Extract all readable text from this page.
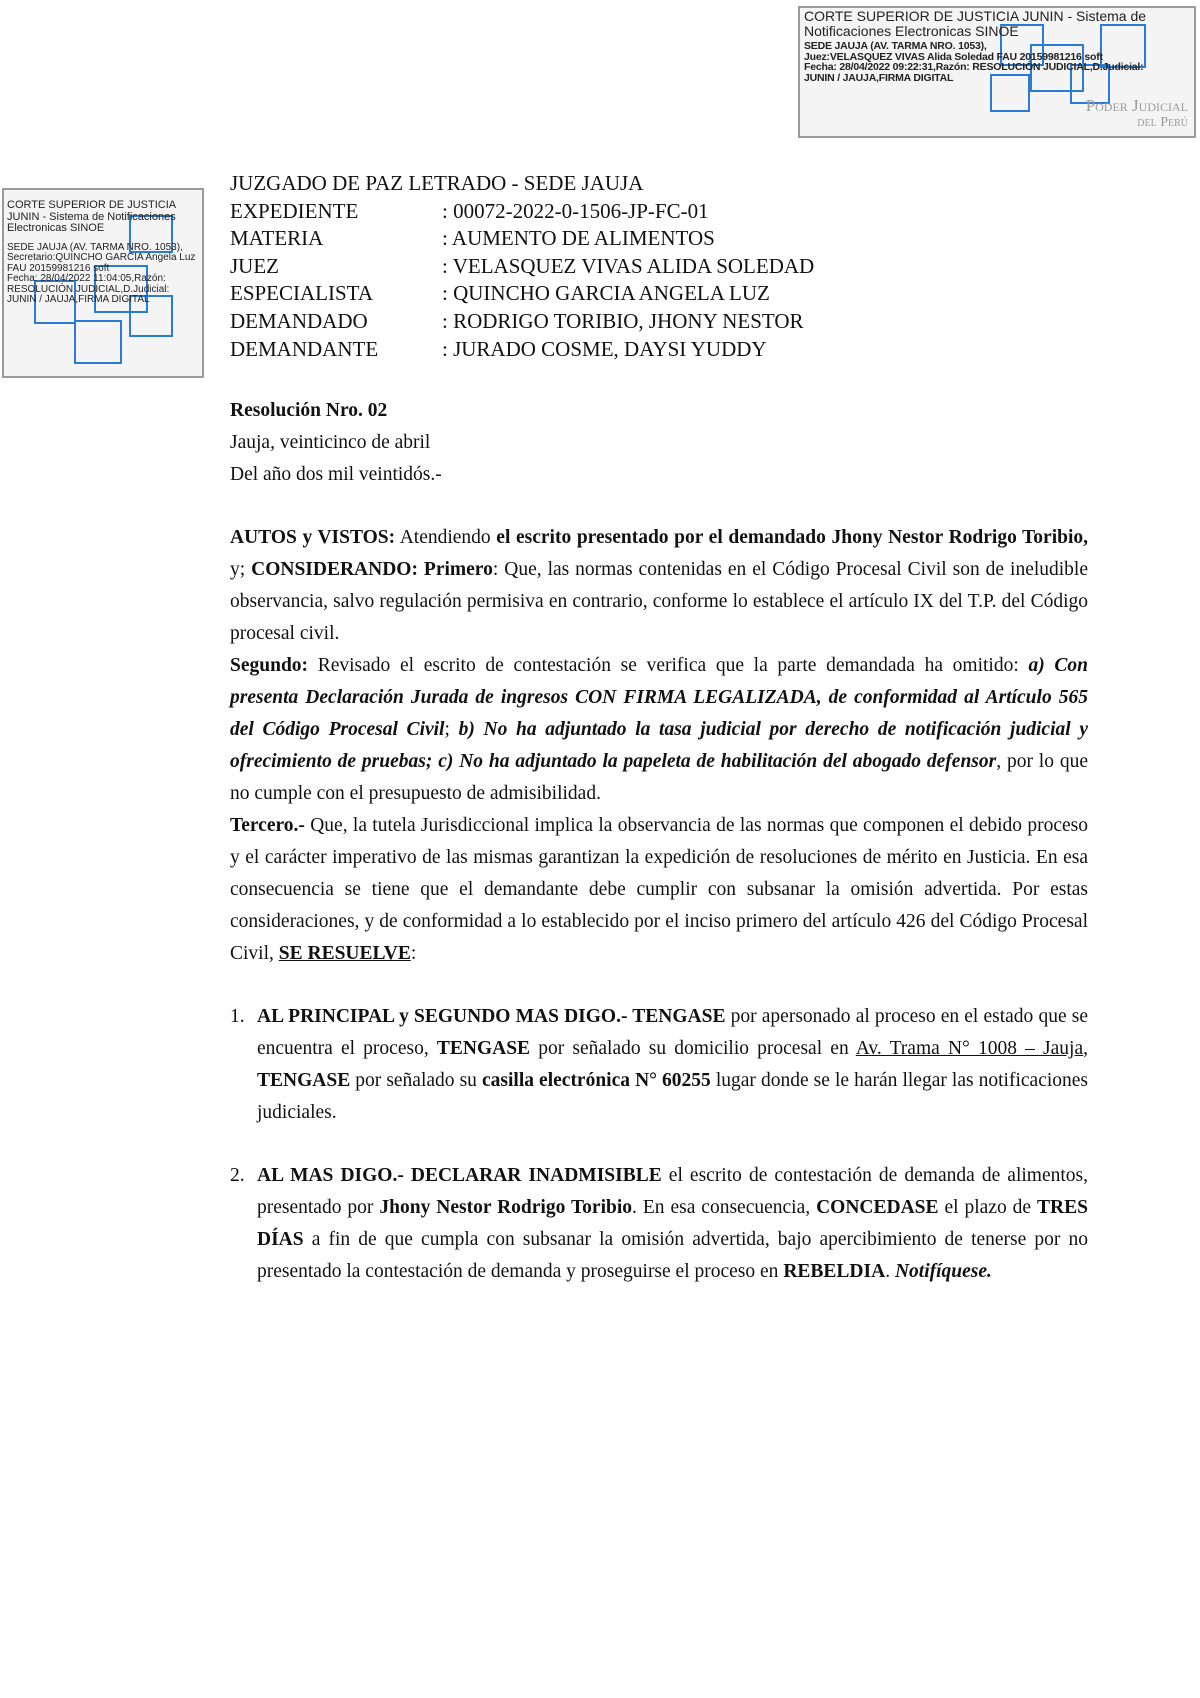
CORTE SUPERIOR DE JUSTICIA JUNIN - Sistema de Notificaciones Electronicas SINOE
SEDE JAUJA (AV. TARMA NRO. 1053),
Juez:VELASQUEZ VIVAS Alida Soledad FAU 20159981216 soft
Fecha: 28/04/2022 09:22:31,Razón: RESOLUCIÓN JUDICIAL,D.Judicial:
JUNIN / JAUJA,FIRMA DIGITAL
Poder Judicial
del Perú
CORTE SUPERIOR DE JUSTICIA JUNIN - Sistema de Notificaciones Electronicas SINOE
SEDE JAUJA (AV. TARMA NRO. 1053),
Secretario:QUINCHO GARCIA Angela Luz FAU 20159981216 soft
Fecha: 28/04/2022 11:04:05,Razón: RESOLUCIÓN JUDICIAL,D.Judicial: JUNIN / JAUJA,FIRMA DIGITAL
JUZGADO DE PAZ LETRADO - SEDE JAUJA
EXPEDIENTE	: 00072-2022-0-1506-JP-FC-01
MATERIA	: AUMENTO DE ALIMENTOS
JUEZ	: VELASQUEZ VIVAS ALIDA SOLEDAD
ESPECIALISTA	: QUINCHO GARCIA ANGELA LUZ
DEMANDADO	: RODRIGO TORIBIO, JHONY NESTOR
DEMANDANTE	: JURADO COSME, DAYSI YUDDY

Resolución Nro. 02

Jauja, veinticinco de abril

Del año dos mil veintidós.-

AUTOS y VISTOS: Atendiendo el escrito presentado por el demandado Jhony Nestor Rodrigo Toribio, y; CONSIDERANDO: Primero: Que, las normas contenidas en el Código Procesal Civil son de ineludible observancia, salvo regulación permisiva en contrario, conforme lo establece el artículo IX del T.P. del Código procesal civil.

Segundo: Revisado el escrito de contestación se verifica que la parte demandada ha omitido: a) Con presenta Declaración Jurada de ingresos CON FIRMA LEGALIZADA, de conformidad al Artículo 565 del Código Procesal Civil; b) No ha adjuntado la tasa judicial por derecho de notificación judicial y ofrecimiento de pruebas; c) No ha adjuntado la papeleta de habilitación del abogado defensor, por lo que no cumple con el presupuesto de admisibilidad.

Tercero.- Que, la tutela Jurisdiccional implica la observancia de las normas que componen el debido proceso y el carácter imperativo de las mismas garantizan la expedición de resoluciones de mérito en Justicia. En esa consecuencia se tiene que el demandante debe cumplir con subsanar la omisión advertida. Por estas consideraciones, y de conformidad a lo establecido por el inciso primero del artículo 426 del Código Procesal Civil, SE RESUELVE:

1. AL PRINCIPAL y SEGUNDO MAS DIGO.- TENGASE por apersonado al proceso en el estado que se encuentra el proceso, TENGASE por señalado su domicilio procesal en Av. Trama N° 1008 – Jauja, TENGASE por señalado su casilla electrónica N° 60255 lugar donde se le harán llegar las notificaciones judiciales.
2. AL MAS DIGO.- DECLARAR INADMISIBLE el escrito de contestación de demanda de alimentos, presentado por Jhony Nestor Rodrigo Toribio. En esa consecuencia, CONCEDASE el plazo de TRES DÍAS a fin de que cumpla con subsanar la omisión advertida, bajo apercibimiento de tenerse por no presentado la contestación de demanda y proseguirse el proceso en REBELDIA. Notifíquese.
